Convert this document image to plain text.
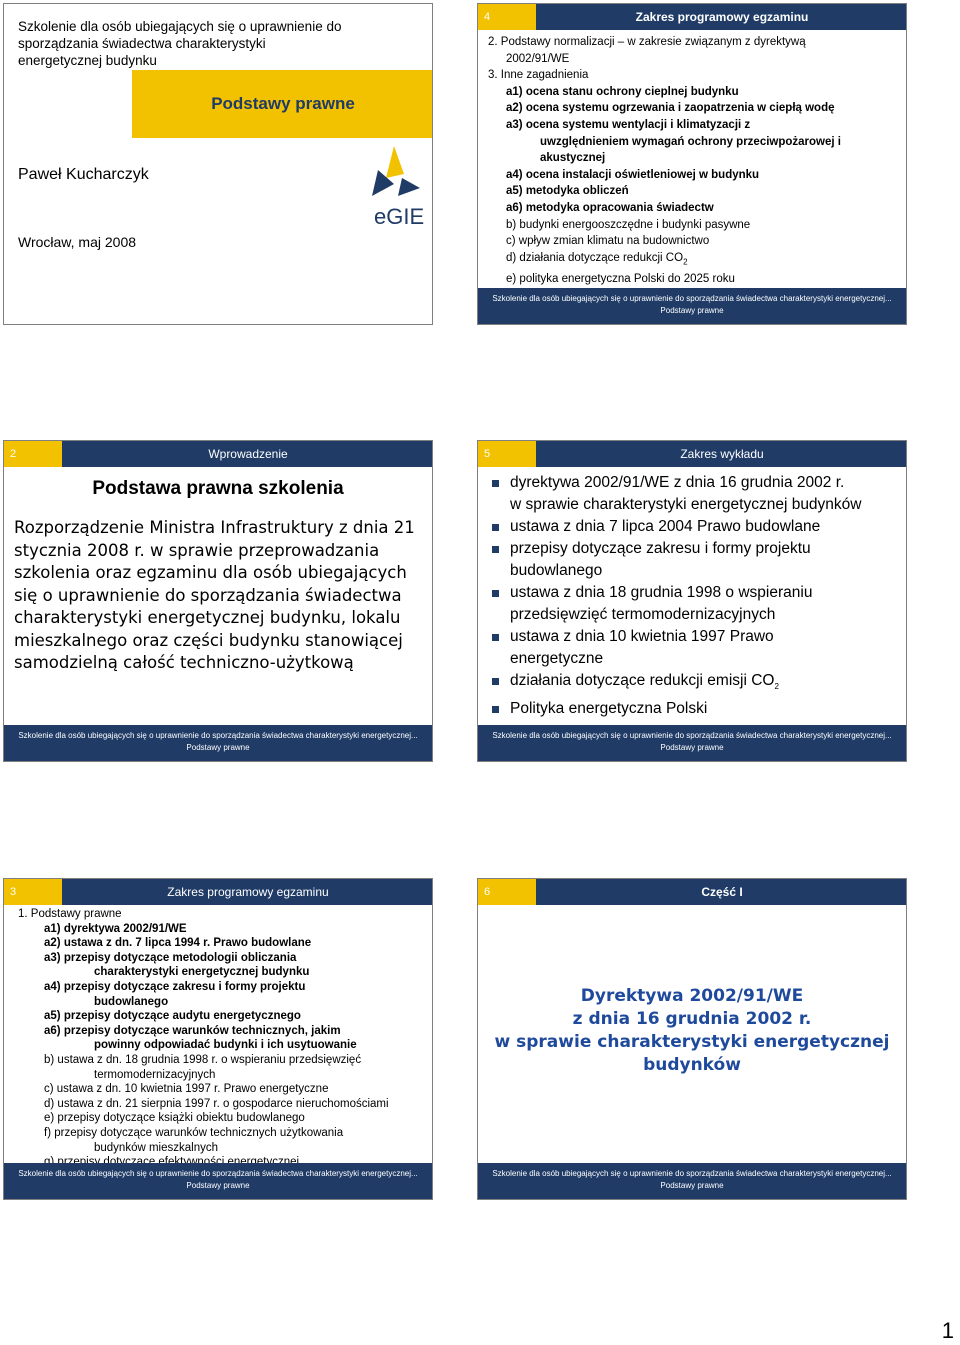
Szkolenie dla osób ubiegających się o uprawnienie do sporządzania świadectwa charakterystyki energetycznej budynku
Podstawy prawne
Paweł Kucharczyk
Wrocław, maj 2008
eGIE
4	Zakres programowy egzaminu
2. Podstawy normalizacji – w zakresie związanym z dyrektywą
2002/91/WE
3. Inne zagadnienia
a1) ocena stanu ochrony cieplnej budynku
a2) ocena systemu ogrzewania i zaopatrzenia w ciepłą wodę
a3) ocena systemu wentylacji i klimatyzacji z
uwzględnieniem wymagań ochrony przeciwpożarowej i
akustycznej
a4) ocena instalacji oświetleniowej w budynku
a5) metodyka obliczeń
a6) metodyka opracowania świadectw
b) budynki energooszczędne i budynki pasywne
c) wpływ zmian klimatu na budownictwo
d) działania dotyczące redukcji $CO_2$
e) polityka energetyczna Polski do 2025 roku
Szkolenie dla osób ubiegających się o uprawnienie do sporządzania świadectwa charakterystyki energetycznej...
Podstawy prawne
2	Wprowadzenie
Podstawa prawna szkolenia
Rozporządzenie Ministra Infrastruktury z dnia 21 stycznia 2008 r. w sprawie przeprowadzania szkolenia oraz egzaminu dla osób ubiegających się o uprawnienie do sporządzania świadectwa charakterystyki energetycznej budynku, lokalu mieszkalnego oraz części budynku stanowiącej samodzielną całość techniczno-użytkową
Szkolenie dla osób ubiegających się o uprawnienie do sporządzania świadectwa charakterystyki energetycznej...
Podstawy prawne
5	Zakres wykładu
dyrektywa 2002/91/WE z dnia 16 grudnia 2002 r.
w sprawie charakterystyki energetycznej budynków
ustawa z dnia 7 lipca 2004 Prawo budowlane
przepisy dotyczące zakresu i formy projektu
budowlanego
ustawa z dnia 18 grudnia 1998 o wspieraniu
przedsięwzięć termomodernizacyjnych
ustawa z dnia 10 kwietnia 1997 Prawo
energetyczne
działania dotyczące redukcji emisji $CO_2$
Polityka energetyczna Polski
Szkolenie dla osób ubiegających się o uprawnienie do sporządzania świadectwa charakterystyki energetycznej...
Podstawy prawne
3	Zakres programowy egzaminu
1. Podstawy prawne
a1) dyrektywa 2002/91/WE
a2) ustawa z dn. 7 lipca 1994 r. Prawo budowlane
a3) przepisy dotyczące metodologii obliczania
charakterystyki energetycznej budynku
a4) przepisy dotyczące zakresu i formy projektu
budowlanego
a5) przepisy dotyczące audytu energetycznego
a6) przepisy dotyczące warunków technicznych, jakim
powinny odpowiadać budynki i ich usytuowanie
b) ustawa z dn. 18 grudnia 1998 r. o wspieraniu przedsięwzięć
termomodernizacyjnych
c) ustawa z dn. 10 kwietnia 1997 r. Prawo energetyczne
d) ustawa z dn. 21 sierpnia 1997 r. o gospodarce nieruchomościami
e) przepisy dotyczące książki obiektu budowlanego
f) przepisy dotyczące warunków technicznych użytkowania
budynków mieszkalnych
Szkolenie dla osób ubiegających się o uprawnienie do sporządzania świadectwa charakterystyki energetycznej...
Podstawy prawne
6	Część I
Dyrektywa 2002/91/WE
z dnia 16 grudnia 2002 r.
w sprawie charakterystyki energetycznej
budynków
Szkolenie dla osób ubiegających się o uprawnienie do sporządzania świadectwa charakterystyki energetycznej...
Podstawy prawne
1
